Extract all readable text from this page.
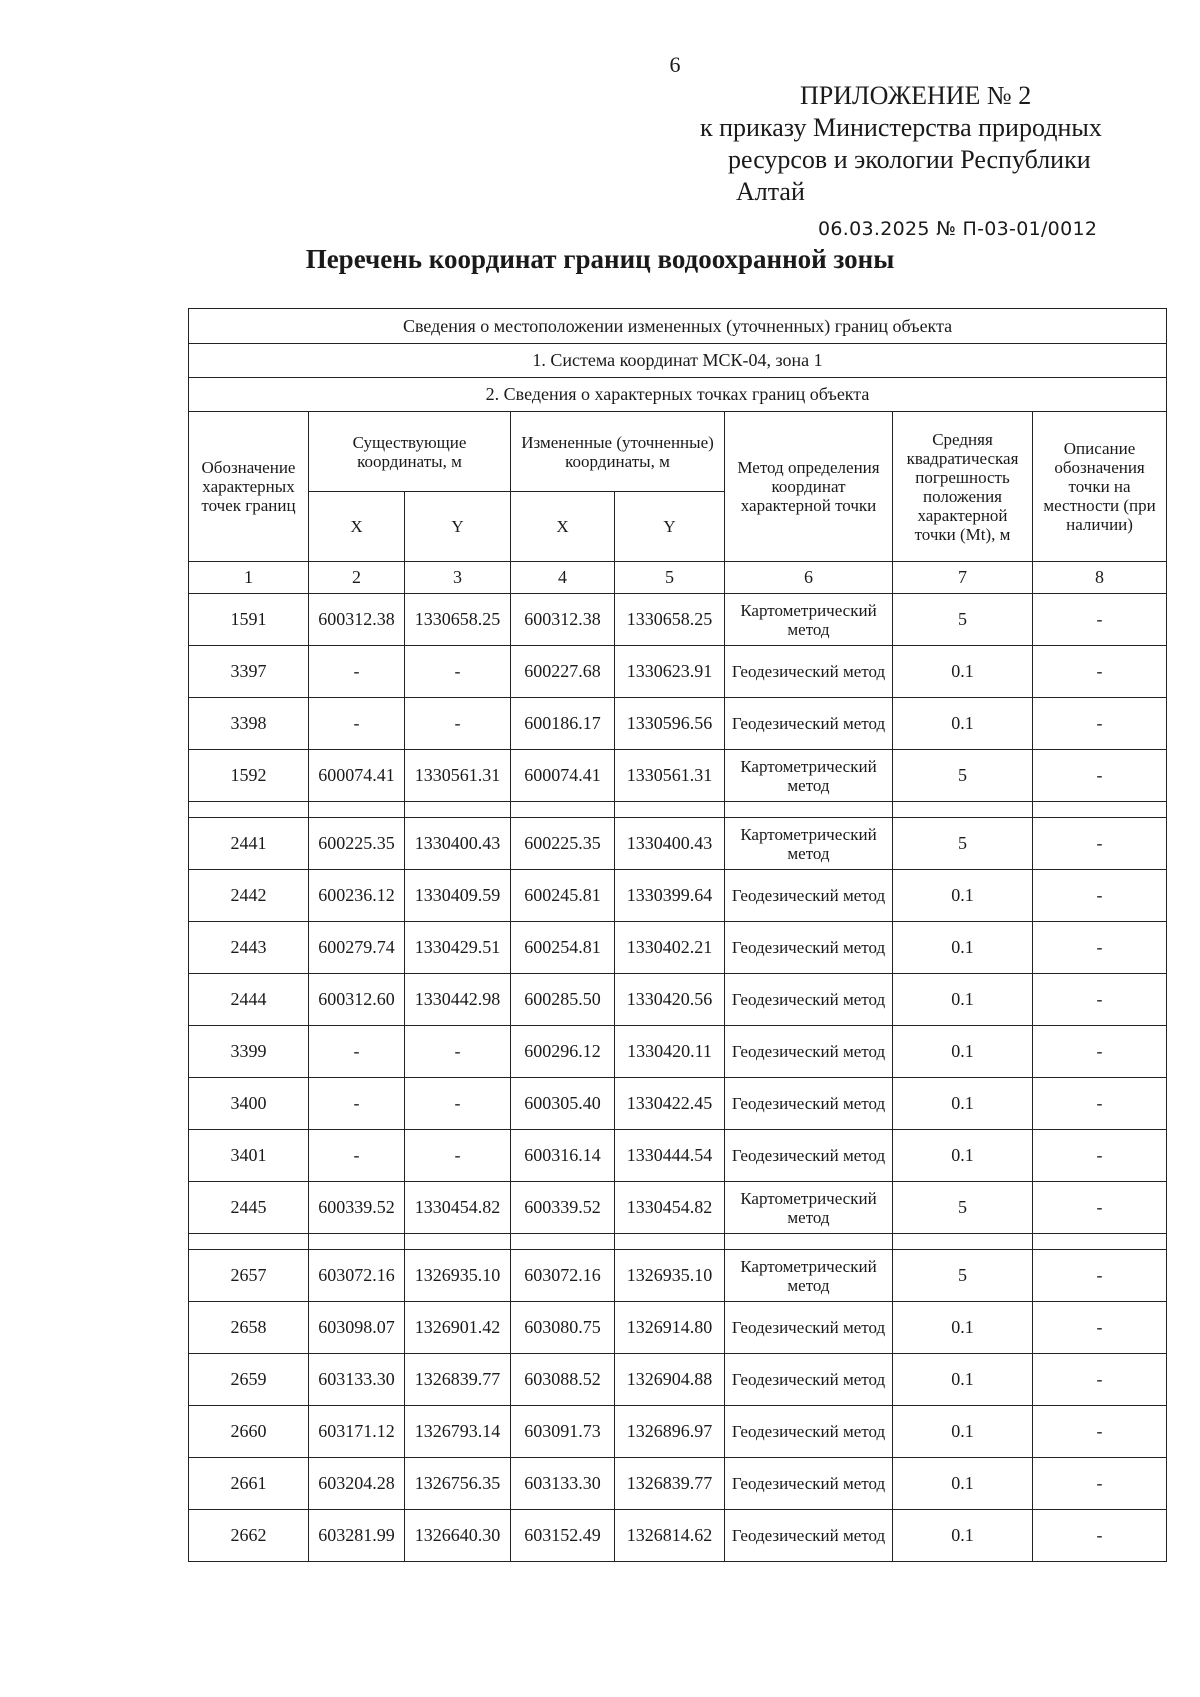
6
ПРИЛОЖЕНИЕ № 2
к приказу Министерства природных
ресурсов и экологии Республики
Алтай
06.03.2025 № П-03-01/0012
Перечень координат границ водоохранной зоны
Сведения о местоположении измененных (уточненных) границ объекта							
1. Система координат МСК-04, зона 1							
2. Сведения о характерных точках границ объекта							
Обозначение характерных точек границ	Существующие координаты, м		Измененные (уточненные) координаты, м		Метод определения координат характерной точки	Средняя квадратическая погрешность положения характерной точки (Mt), м	Описание обозначения точки на местности (при наличии)
	X	Y	X	Y			
1	2	3	4	5	6	7	8
1591	600312.38	1330658.25	600312.38	1330658.25	Картометрический метод	5	-
3397	-	-	600227.68	1330623.91	Геодезический метод	0.1	-
3398	-	-	600186.17	1330596.56	Геодезический метод	0.1	-
1592	600074.41	1330561.31	600074.41	1330561.31	Картометрический метод	5	-

2441	600225.35	1330400.43	600225.35	1330400.43	Картометрический метод	5	-
2442	600236.12	1330409.59	600245.81	1330399.64	Геодезический метод	0.1	-
2443	600279.74	1330429.51	600254.81	1330402.21	Геодезический метод	0.1	-
2444	600312.60	1330442.98	600285.50	1330420.56	Геодезический метод	0.1	-
3399	-	-	600296.12	1330420.11	Геодезический метод	0.1	-
3400	-	-	600305.40	1330422.45	Геодезический метод	0.1	-
3401	-	-	600316.14	1330444.54	Геодезический метод	0.1	-
2445	600339.52	1330454.82	600339.52	1330454.82	Картометрический метод	5	-

2657	603072.16	1326935.10	603072.16	1326935.10	Картометрический метод	5	-
2658	603098.07	1326901.42	603080.75	1326914.80	Геодезический метод	0.1	-
2659	603133.30	1326839.77	603088.52	1326904.88	Геодезический метод	0.1	-
2660	603171.12	1326793.14	603091.73	1326896.97	Геодезический метод	0.1	-
2661	603204.28	1326756.35	603133.30	1326839.77	Геодезический метод	0.1	-
2662	603281.99	1326640.30	603152.49	1326814.62	Геодезический метод	0.1	-
